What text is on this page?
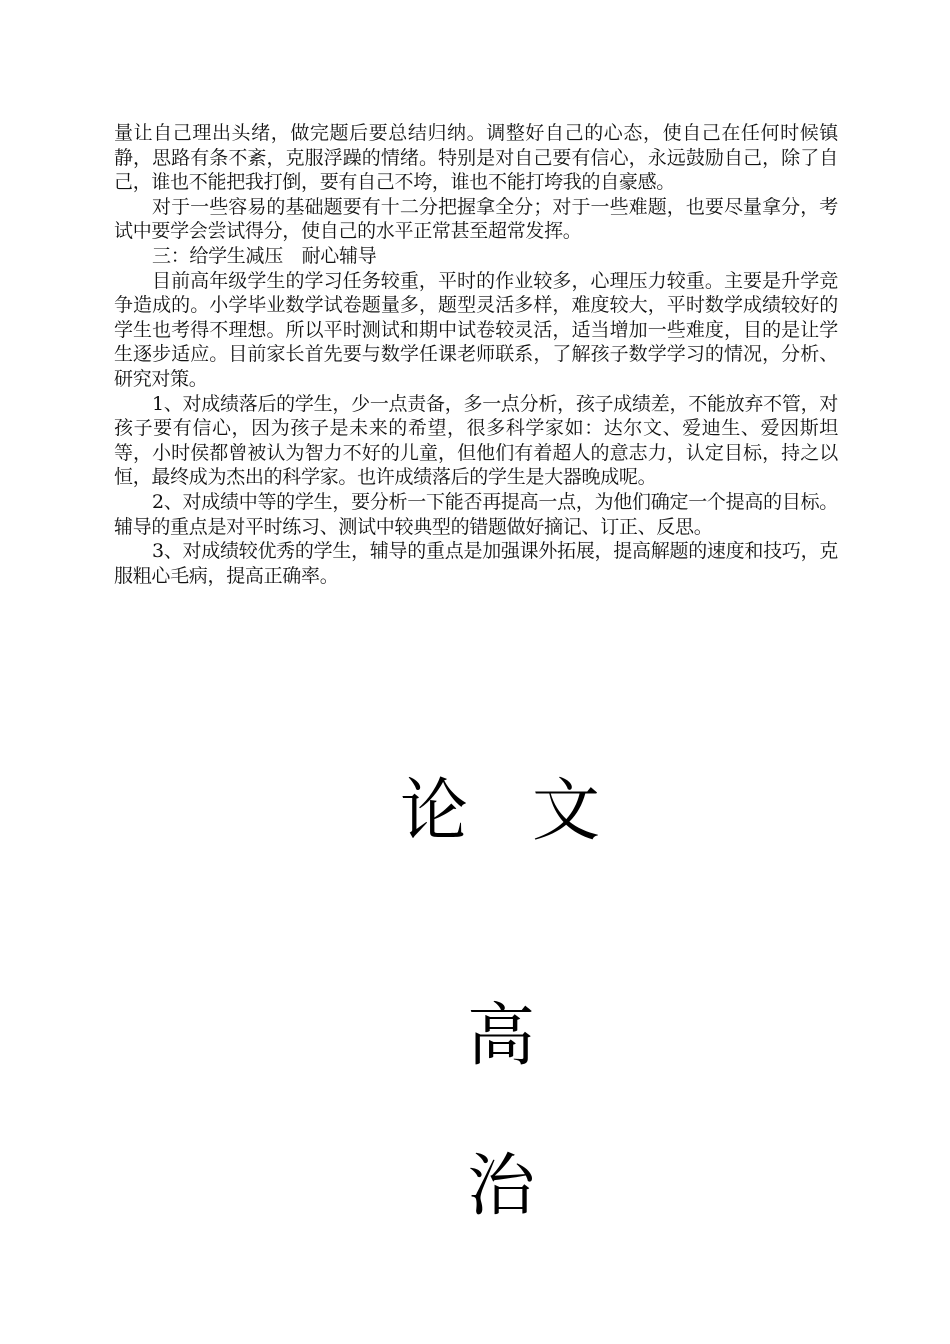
量让自己理出头绪，做完题后要总结归纳。调整好自己的心态，使自己在任何时候镇静，思路有条不紊，克服浮躁的情绪。特别是对自己要有信心，永远鼓励自己，除了自己，谁也不能把我打倒，要有自己不垮，谁也不能打垮我的自豪感。

对于一些容易的基础题要有十二分把握拿全分；对于一些难题，也要尽量拿分，考试中要学会尝试得分，使自己的水平正常甚至超常发挥。

三：给学生减压　耐心辅导

目前高年级学生的学习任务较重，平时的作业较多，心理压力较重。主要是升学竞争造成的。小学毕业数学试卷题量多，题型灵活多样，难度较大，平时数学成绩较好的学生也考得不理想。所以平时测试和期中试卷较灵活，适当增加一些难度，目的是让学生逐步适应。目前家长首先要与数学任课老师联系，了解孩子数学学习的情况，分析、研究对策。

1、对成绩落后的学生，少一点责备，多一点分析，孩子成绩差，不能放弃不管，对孩子要有信心，因为孩子是未来的希望，很多科学家如：达尔文、爱迪生、爱因斯坦等，小时侯都曾被认为智力不好的儿童，但他们有着超人的意志力，认定目标，持之以恒，最终成为杰出的科学家。也许成绩落后的学生是大器晚成呢。

2、对成绩中等的学生，要分析一下能否再提高一点，为他们确定一个提高的目标。辅导的重点是对平时练习、测试中较典型的错题做好摘记、订正、反思。

3、对成绩较优秀的学生，辅导的重点是加强课外拓展，提高解题的速度和技巧，克服粗心毛病，提高正确率。

论文
高
治
